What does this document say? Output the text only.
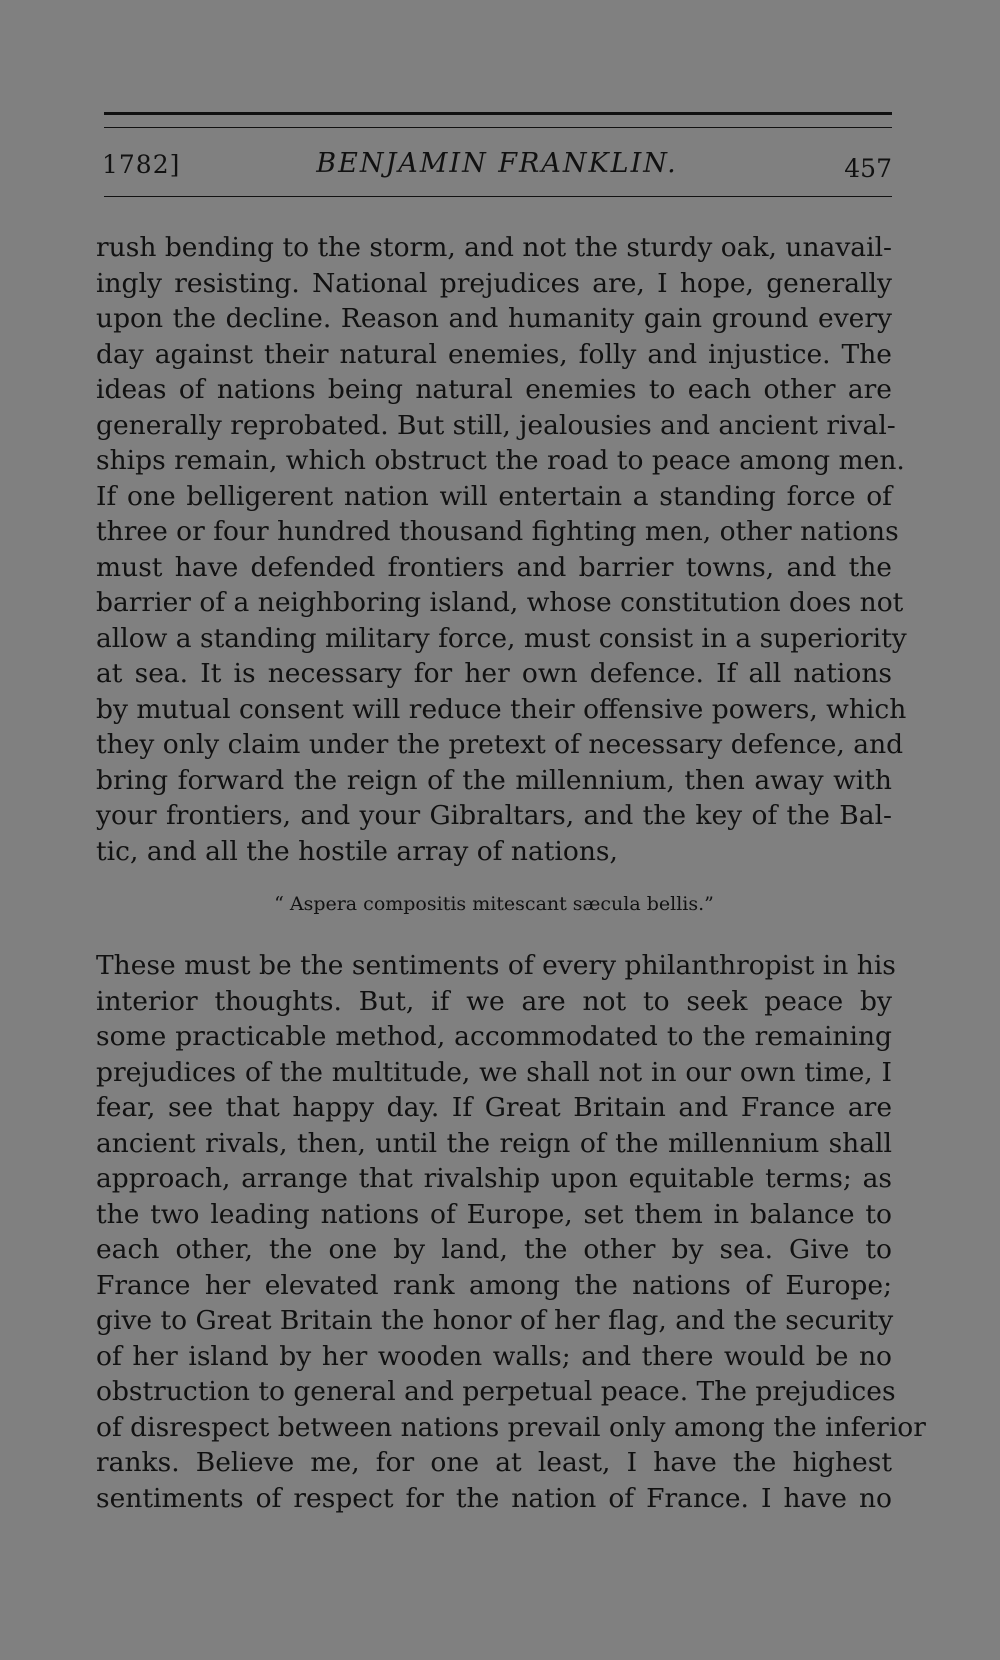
1782]	BENJAMIN FRANKLIN.	457
rush bending to the storm, and not the sturdy oak, unavail-
ingly resisting. National prejudices are, I hope, generally
upon the decline. Reason and humanity gain ground every
day against their natural enemies, folly and injustice. The
ideas of nations being natural enemies to each other are
generally reprobated. But still, jealousies and ancient rival-
ships remain, which obstruct the road to peace among men.
If one belligerent nation will entertain a standing force of
three or four hundred thousand fighting men, other nations
must have defended frontiers and barrier towns, and the
barrier of a neighboring island, whose constitution does not
allow a standing military force, must consist in a superiority
at sea. It is necessary for her own defence. If all nations
by mutual consent will reduce their offensive powers, which
they only claim under the pretext of necessary defence, and
bring forward the reign of the millennium, then away with
your frontiers, and your Gibraltars, and the key of the Bal-
tic, and all the hostile array of nations,
“ Aspera compositis mitescant sæcula bellis.”
These must be the sentiments of every philanthropist in his
interior thoughts. But, if we are not to seek peace by
some practicable method, accommodated to the remaining
prejudices of the multitude, we shall not in our own time, I
fear, see that happy day. If Great Britain and France are
ancient rivals, then, until the reign of the millennium shall
approach, arrange that rivalship upon equitable terms; as
the two leading nations of Europe, set them in balance to
each other, the one by land, the other by sea. Give to
France her elevated rank among the nations of Europe;
give to Great Britain the honor of her flag, and the security
of her island by her wooden walls; and there would be no
obstruction to general and perpetual peace. The prejudices
of disrespect between nations prevail only among the inferior
ranks. Believe me, for one at least, I have the highest
sentiments of respect for the nation of France. I have no
